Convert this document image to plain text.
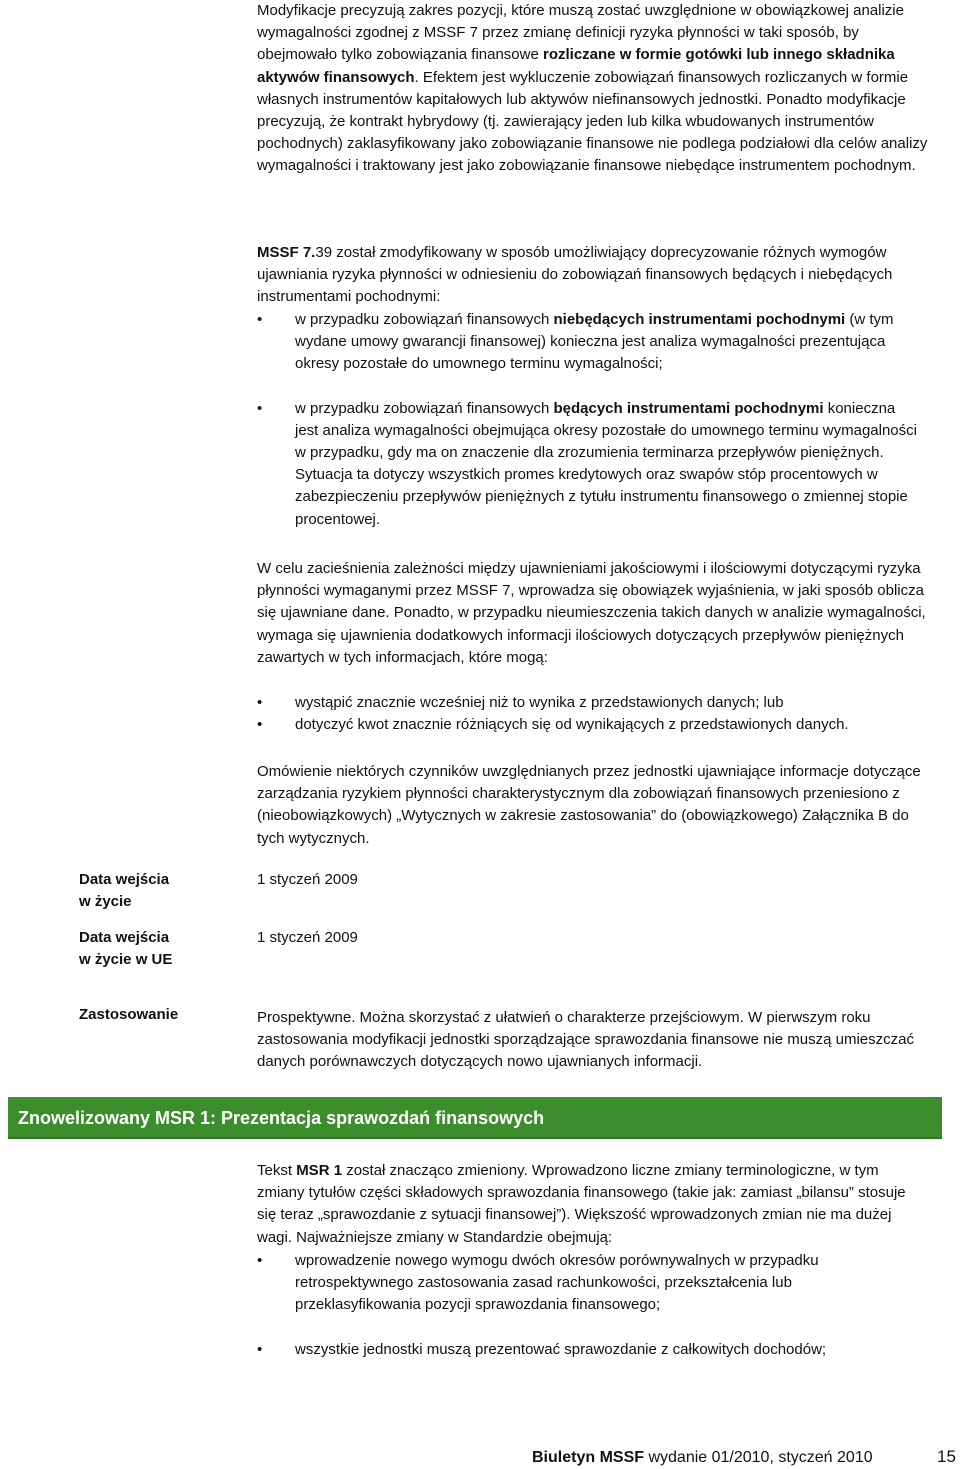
Modyfikacje precyzują zakres pozycji, które muszą zostać uwzględnione w obowiązkowej analizie wymagalności zgodnej z MSSF 7 przez zmianę definicji ryzyka płynności w taki sposób, by obejmowało tylko zobowiązania finansowe rozliczane w formie gotówki lub innego składnika aktywów finansowych. Efektem jest wykluczenie zobowiązań finansowych rozliczanych w formie własnych instrumentów kapitałowych lub aktywów niefinansowych jednostki. Ponadto modyfikacje precyzują, że kontrakt hybrydowy (tj. zawierający jeden lub kilka wbudowanych instrumentów pochodnych) zaklasyfikowany jako zobowiązanie finansowe nie podlega podziałowi dla celów analizy wymagalności i traktowany jest jako zobowiązanie finansowe niebędące instrumentem pochodnym.

MSSF 7.39 został zmodyfikowany w sposób umożliwiający doprecyzowanie różnych wymogów ujawniania ryzyka płynności w odniesieniu do zobowiązań finansowych będących i niebędących instrumentami pochodnymi:

• w przypadku zobowiązań finansowych niebędących instrumentami pochodnymi (w tym wydane umowy gwarancji finansowej) konieczna jest analiza wymagalności prezentująca okresy pozostałe do umownego terminu wymagalności;
• w przypadku zobowiązań finansowych będących instrumentami pochodnymi konieczna jest analiza wymagalności obejmująca okresy pozostałe do umownego terminu wymagalności w przypadku, gdy ma on znaczenie dla zrozumienia terminarza przepływów pieniężnych. Sytuacja ta dotyczy wszystkich promes kredytowych oraz swapów stóp procentowych w zabezpieczeniu przepływów pieniężnych z tytułu instrumentu finansowego o zmiennej stopie procentowej.

W celu zacieśnienia zależności między ujawnieniami jakościowymi i ilościowymi dotyczącymi ryzyka płynności wymaganymi przez MSSF 7, wprowadza się obowiązek wyjaśnienia, w jaki sposób oblicza się ujawniane dane. Ponadto, w przypadku nieumieszczenia takich danych w analizie wymagalności, wymaga się ujawnienia dodatkowych informacji ilościowych dotyczących przepływów pieniężnych zawartych w tych informacjach, które mogą:

• wystąpić znacznie wcześniej niż to wynika z przedstawionych danych; lub
• dotyczyć kwot znacznie różniących się od wynikających z przedstawionych danych.

Omówienie niektórych czynników uwzględnianych przez jednostki ujawniające informacje dotyczące zarządzania ryzykiem płynności charakterystycznym dla zobowiązań finansowych przeniesiono z (nieobowiązkowych) „Wytycznych w zakresie zastosowania” do (obowiązkowego) Załącznika B do tych wytycznych.

Data wejścia
w życie
1 styczeń 2009
Data wejścia
w życie w UE
1 styczeń 2009
Zastosowanie	Prospektywne. Można skorzystać z ułatwień o charakterze przejściowym. W pierwszym roku zastosowania modyfikacji jednostki sporządzające sprawozdania finansowe nie muszą umieszczać danych porównawczych dotyczących nowo ujawnianych informacji.

Znowelizowany MSR 1: Prezentacja sprawozdań finansowych

Tekst MSR 1 został znacząco zmieniony. Wprowadzono liczne zmiany terminologiczne, w tym zmiany tytułów części składowych sprawozdania finansowego (takie jak: zamiast „bilansu” stosuje się teraz „sprawozdanie z sytuacji finansowej”). Większość wprowadzonych zmian nie ma dużej wagi. Najważniejsze zmiany w Standardzie obejmują:

• wprowadzenie nowego wymogu dwóch okresów porównywalnych w przypadku retrospektywnego zastosowania zasad rachunkowości, przekształcenia lub przeklasyfikowania pozycji sprawozdania finansowego;
• wszystkie jednostki muszą prezentować sprawozdanie z całkowitych dochodów;
Biuletyn MSSF wydanie 01/2010, styczeń 2010	15
